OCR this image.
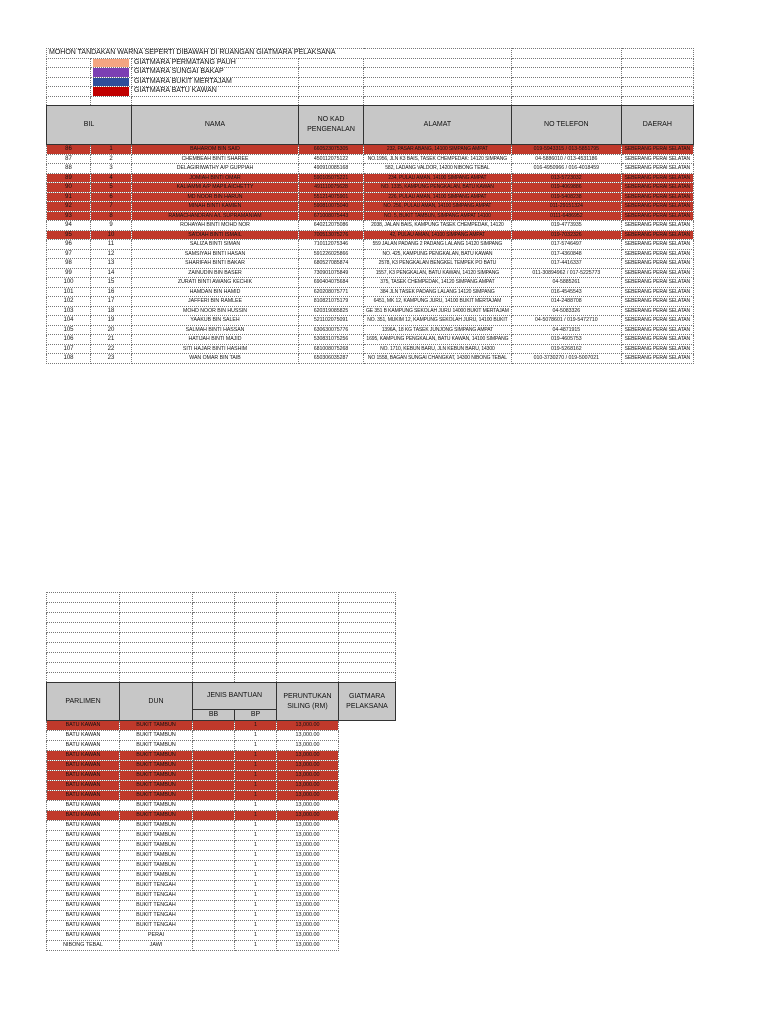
MOHON TANDAKAN WARNA SEPERTI DIBAWAH DI RUANGAN GIATMARA PELAKSANA						

	GIATMARA PERMATANG PAUH				

	GIATMARA SUNGAI BAKAP				

	GIATMARA BUKIT MERTAJAM				

	GIATMARA BATU KAWAN				

BIL		NAMA	NO KAD PENGENALAN	ALAMAT	NO TELEFON	DAERAH
86	1	BAHAROM BIN SAID	660523075305	232, PASAR ABANG, 14100 SIMPANG AMPAT	019-5943315 / 013-5851795	SEBERANG PERAI SELATAN
87	2	CHEMBEAH BINTI SHAREE	450112075122	NO.1956, JLN K3 BAIS, TASEK CHEMPEDAK: 14120 SIMPANG	04-5886010 / 013-4531186	SEBERANG PERAI SELATAN
88	3	DELAGIRIWATHY A/P GUPPIAH	490910085168	582, LADANG VALDOR, 14200 NIBONG TEBAL	016-4950966 / 016-4018459	SEBERANG PERAI SELATAN
89	4	JOMIAH BINTI OMAR	590105075221	234, PULAU AMAN, 14100 SIMPANG AMPAT	013-5723032	SEBERANG PERAI SELATAN
90	5	KALIAMMI A/P MAPILAICHETTY	491110075628	NO. 1335, KAMPUNG PENGKALAN, BATU KAWAN	019-4069886	SEBERANG PERAI SELATAN
91	6	MD NOOR BIN HARUN	551214075901	226, PULAU AMAN, 14100 SIMPANG AMPAT	019-5408238	SEBERANG PERAI SELATAN
92	7	MINAH BINTI KAMIEN	590810075040	NO. 256, PULAU AMAN, 14100 SIMPANG AMPAT	011-29151324	SEBERANG PERAI SELATAN
93	8	RAMACHANDRAN A/L SUPRAMANIAM	671008075443	NO. 5, BUKIT TAMBUN, SIMPANG AMPAT 14100	0111-6486952	SEBERANG PERAI SELATAN
94	9	ROHAYAH BINTI MOHD NOR	640212075086	2038, JALAN BAIS, KAMPUNG TASEK CHEMPEDAK, 14120	019-4773935	SEBERANG PERAI SELATAN
95	10	SA'DIAH BINTI ISMAIL	700513075276	42, PULAU AMAN, 14100 SIMPANG AMPAT	019-7032326	SEBERANG PERAI SELATAN
96	11	SALIZA BINTI SIMAN	710112075346	559 JALAN PADANG 2 PADANG LALANG 14120 SIMPANG	017-5746497	SEBERANG PERAI SELATAN
97	12	SAMSIYAH BINTI HASAN	591226025866	NO. 425, KAMPUNG PENGKALAN, BATU KAWAN	017-4360848	SEBERANG PERAI SELATAN
98	13	SHARIFAH BINTI BAKAR	680527085874	2578, K3 PENGKALAN BENGKEL TEMPEK PO BATU	017-4416337	SEBERANG PERAI SELATAN
99	14	ZAINUDIN BIN BASER	730901075849	1557, K3 PENGKALAN, BATU KAWAN, 14120 SIMPANG	011-30894962 / 017-5225773	SEBERANG PERAI SELATAN
100	15	ZURATI BINTI AWANG KECHIK	690404075684	375, TASEK CHEMPEDAK, 14120 SIMPANG AMPAT	04-5885261	SEBERANG PERAI SELATAN
101	16	HAMDAN BIN HAMID	620208075771	384 JLN TASEK PADANG LALANG 14120 SIMPANG	016-4545543	SEBERANG PERAI SELATAN
102	17	JAFFERI BIN RAMLEE	810821075179	6451, MK 12, KAMPUNG JURU, 14100 BUKIT MERTAJAM	014-2488708	SEBERANG PERAI SELATAN
103	18	MOHD NOOR BIN HUSSIN	620319085825	GE 351 B KAMPUNG SEKOLAH JURU 14000 BUKIT MERTAJAM	04-5083326	SEBERANG PERAI SELATAN
104	19	YAAKUB BIN SALEH	521102075091	NO. 351, MUKIM 12, KAMPUNG SEKOLAH JURU, 14100 BUKIT	04-5078601 / 019-5472710	SEBERANG PERAI SELATAN
105	20	SALMAH BINTI HASSAN	630630075776	1396A, 18 KG TASEK JUNJONG SIMPANG AMPAT	04-4871915	SEBERANG PERAI SELATAN
106	21	HATIJAH BINTI MAJID	530831075256	1695, KAMPUNG PENGKALAN, BATU KAWAN, 14100 SIMPANG	019-4605753	SEBERANG PERAI SELATAN
107	22	SITI HAJAR BINTI HASHIM	681008075268	NO. 1710, KEBUN BARU, JLN KEBUN BARU, 14300	019-5268162	SEBERANG PERAI SELATAN
108	23	WAN OMAR BIN TAIB	650306035287	NO 1558, BAGAN SUNGAI CHANGKAT, 14300 NIBONG TEBAL	010-3730270 / 019-5007021	SEBERANG PERAI SELATAN

PARLIMEN	DUN	JENIS BANTUAN		PERUNTUKAN SILING (RM)	GIATMARA PELAKSANA
		BB	BP		
BATU KAWAN	BUKIT TAMBUN		1	13,000.00	
BATU KAWAN	BUKIT TAMBUN		1	13,000.00	
BATU KAWAN	BUKIT TAMBUN		1	13,000.00	
BATU KAWAN	BUKIT TAMBUN		1	13,000.00	
BATU KAWAN	BUKIT TAMBUN		1	13,000.00	
BATU KAWAN	BUKIT TAMBUN		1	13,000.00	
BATU KAWAN	BUKIT TAMBUN		1	13,000.00	
BATU KAWAN	BUKIT TAMBUN		1	13,000.00	
BATU KAWAN	BUKIT TAMBUN		1	13,000.00	
BATU KAWAN	BUKIT TAMBUN		1	13,000.00	
BATU KAWAN	BUKIT TAMBUN		1	13,000.00	
BATU KAWAN	BUKIT TAMBUN		1	13,000.00	
BATU KAWAN	BUKIT TAMBUN		1	13,000.00	
BATU KAWAN	BUKIT TAMBUN		1	13,000.00	
BATU KAWAN	BUKIT TAMBUN		1	13,000.00	
BATU KAWAN	BUKIT TAMBUN		1	13,000.00	
BATU KAWAN	BUKIT TENGAH		1	13,000.00	
BATU KAWAN	BUKIT TENGAH		1	13,000.00	
BATU KAWAN	BUKIT TENGAH		1	13,000.00	
BATU KAWAN	BUKIT TENGAH		1	13,000.00	
BATU KAWAN	BUKIT TENGAH		1	13,000.00	
BATU KAWAN	PERAI		1	13,000.00	
NIBONG TEBAL	JAWI		1	13,000.00	
